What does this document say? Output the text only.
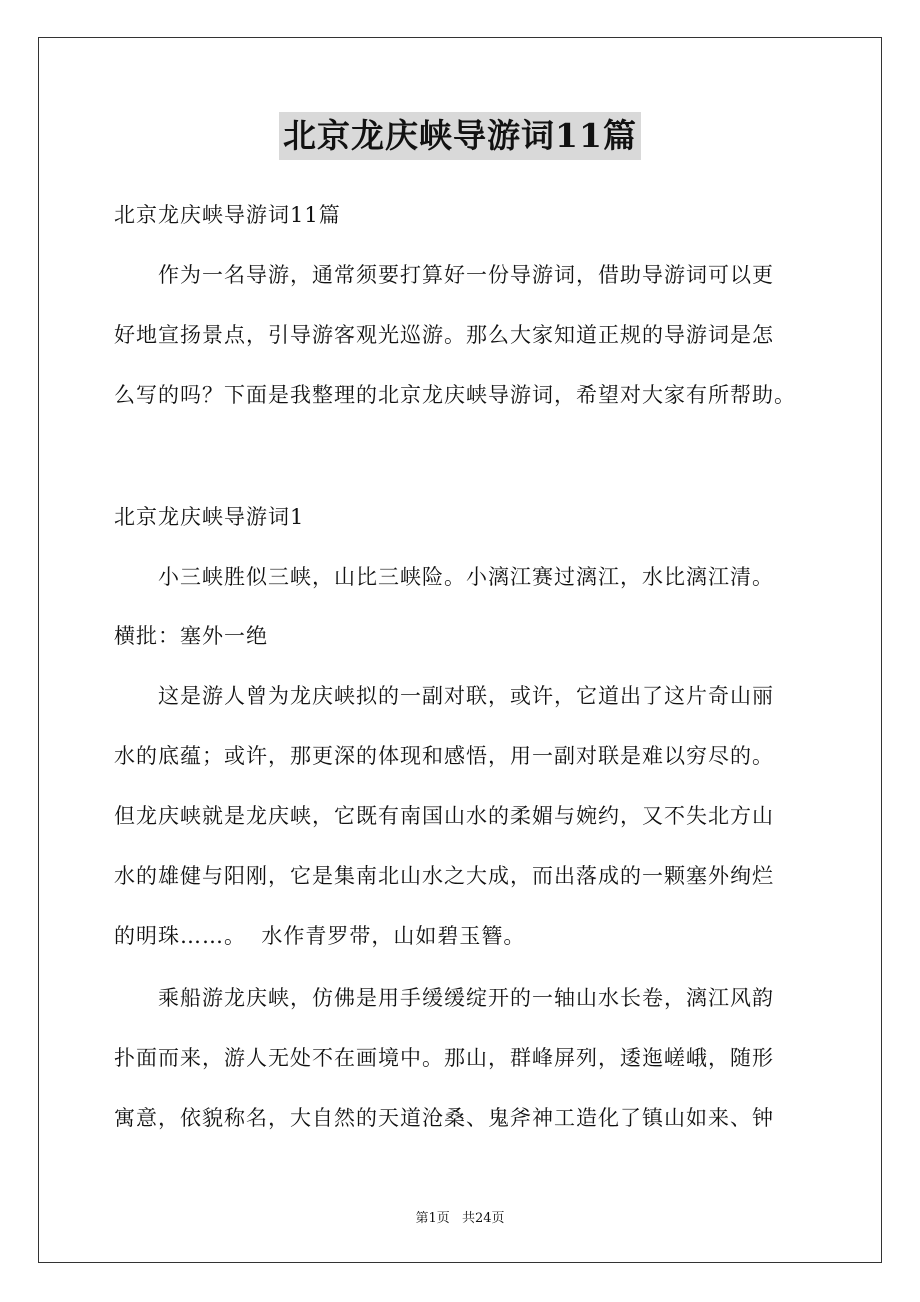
北京龙庆峡导游词11篇
北京龙庆峡导游词11篇
作为一名导游，通常须要打算好一份导游词，借助导游词可以更
好地宣扬景点，引导游客观光巡游。那么大家知道正规的导游词是怎
么写的吗？下面是我整理的北京龙庆峡导游词，希望对大家有所帮助。
北京龙庆峡导游词1
小三峡胜似三峡，山比三峡险。小漓江赛过漓江，水比漓江清。
横批：塞外一绝
这是游人曾为龙庆峡拟的一副对联，或许，它道出了这片奇山丽
水的底蕴；或许，那更深的体现和感悟，用一副对联是难以穷尽的。
但龙庆峡就是龙庆峡，它既有南国山水的柔媚与婉约，又不失北方山
水的雄健与阳刚，它是集南北山水之大成，而出落成的一颗塞外绚烂
的明珠……。  水作青罗带，山如碧玉簪。
乘船游龙庆峡，仿佛是用手缓缓绽开的一轴山水长卷，漓江风韵
扑面而来，游人无处不在画境中。那山，群峰屏列，逶迤嵯峨，随形
寓意，依貌称名，大自然的天道沧桑、鬼斧神工造化了镇山如来、钟
第1页 共24页
